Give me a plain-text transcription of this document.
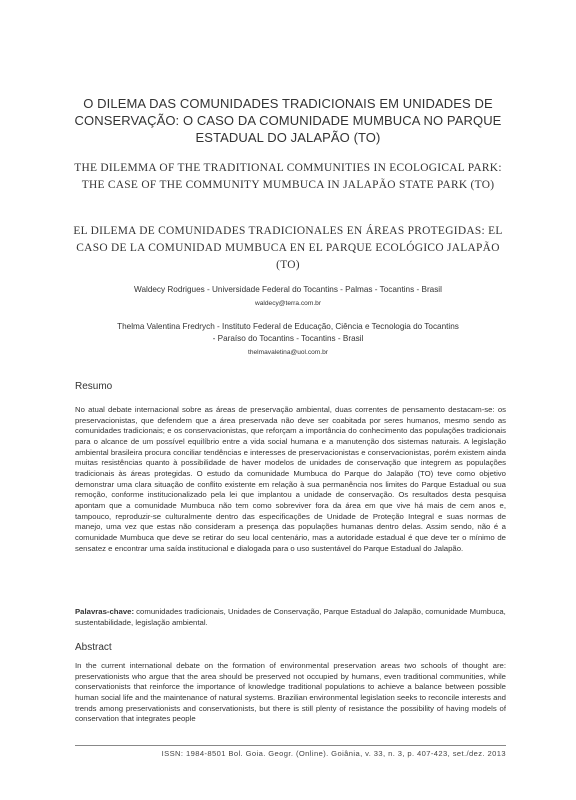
O DILEMA DAS COMUNIDADES TRADICIONAIS EM UNIDADES DE CONSERVAÇÃO: O CASO DA COMUNIDADE MUMBUCA NO PARQUE ESTADUAL DO JALAPÃO (TO)
THE DILEMMA OF THE TRADITIONAL COMMUNITIES IN ECOLOGICAL PARK: THE CASE OF THE COMMUNITY MUMBUCA IN JALAPÃO STATE PARK (TO)
EL DILEMA DE COMUNIDADES TRADICIONALES EN ÁREAS PROTEGIDAS: EL CASO DE LA COMUNIDAD MUMBUCA EN EL PARQUE ECOLÓGICO JALAPÃO (TO)
Waldecy Rodrigues - Universidade Federal do Tocantins - Palmas - Tocantins - Brasil
waldecy@terra.com.br
Thelma Valentina Fredrych - Instituto Federal de Educação, Ciência e Tecnologia do Tocantins
- Paraíso do Tocantins - Tocantins - Brasil
thelmavaletina@uol.com.br
Resumo
No atual debate internacional sobre as áreas de preservação ambiental, duas correntes de pensamento destacam-se: os preservacionistas, que defendem que a área preservada não deve ser coabitada por seres humanos, mesmo sendo as comunidades tradicionais; e os conservacionistas, que reforçam a importância do conhecimento das populações tradicionais para o alcance de um possível equilíbrio entre a vida social humana e a manutenção dos sistemas naturais. A legislação ambiental brasileira procura conciliar tendências e interesses de preservacionistas e conservacionistas, porém existem ainda muitas resistências quanto à possibilidade de haver modelos de unidades de conservação que integrem as populações tradicionais às áreas protegidas. O estudo da comunidade Mumbuca do Parque do Jalapão (TO) teve como objetivo demonstrar uma clara situação de conflito existente em relação à sua permanência nos limites do Parque Estadual ou sua remoção, conforme institucionalizado pela lei que implantou a unidade de conservação. Os resultados desta pesquisa apontam que a comunidade Mumbuca não tem como sobreviver fora da área em que vive há mais de cem anos e, tampouco, reproduzir-se culturalmente dentro das especificações de Unidade de Proteção Integral e suas normas de manejo, uma vez que estas não consideram a presença das populações humanas dentro delas. Assim sendo, não é a comunidade Mumbuca que deve se retirar do seu local centenário, mas a autoridade estadual é que deve ter o mínimo de sensatez e encontrar uma saída institucional e dialogada para o uso sustentável do Parque Estadual do Jalapão.
Palavras-chave: comunidades tradicionais, Unidades de Conservação, Parque Estadual do Jalapão, comunidade Mumbuca, sustentabilidade, legislação ambiental.
Abstract
In the current international debate on the formation of environmental preservation areas two schools of thought are: preservationists who argue that the area should be preserved not occupied by humans, even traditional communities, while conservationists that reinforce the importance of knowledge traditional populations to achieve a balance between possible human social life and the maintenance of natural systems. Brazilian environmental legislation seeks to reconcile interests and trends among preservationists and conservationists, but there is still plenty of resistance the possibility of having models of conservation that integrates people
ISSN: 1984-8501 Bol. Goia. Geogr. (Online). Goiânia, v. 33, n. 3, p. 407-423, set./dez. 2013
